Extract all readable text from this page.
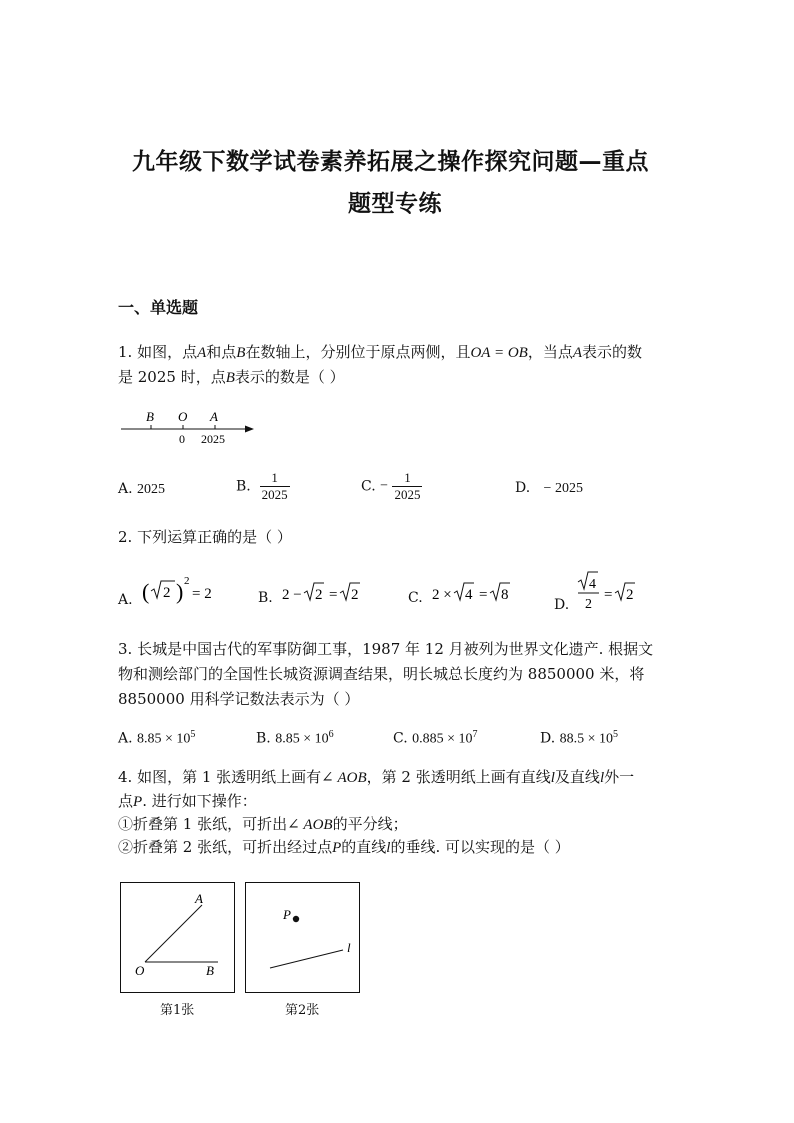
九年级下数学试卷素养拓展之操作探究问题—重点
题型专练
一、单选题
1. 如图，点A和点B在数轴上，分别位于原点两侧，且OA = OB，当点A表示的数
是 2025 时，点B表示的数是（ ）
B O A
0 2025
A. 2025	B. $\frac{1}{2025}$	C. − $\frac{1}{2025}$	D. − 2025
2. 下列运算正确的是（ ）
A. ( 2 ) 2
= 2	B. 2 − 2 = 2	C. 2 × 4 = 8
D.
4
2
= 2
3. 长城是中国古代的军事防御工事，1987 年 12 月被列为世界文化遗产. 根据文
物和测绘部门的全国性长城资源调查结果，明长城总长度约为 8850000 米，将
8850000 用科学记数法表示为（ ）
A. $8.85 \times 10^5$	B. $8.85 \times 10^6$	C. $0.885 \times 10^7$	D. $88.5 \times 10^5$
4. 如图，第 1 张透明纸上画有∠ AOB，第 2 张透明纸上画有直线l及直线l外一
点P. 进行如下操作：
①折叠第 1 张纸，可折出∠ AOB的平分线；
②折叠第 2 张纸，可折出经过点P的直线l的垂线. 可以实现的是（ ）
A
O	B
第1张
P
l
第2张
